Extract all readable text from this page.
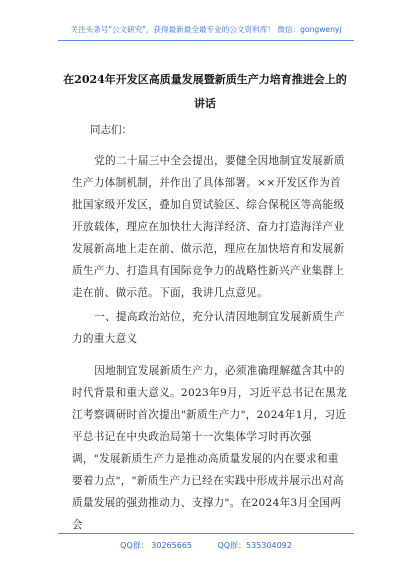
关注头条号"公文研究"，获得最新最全最专业的公文资料库！ 微信：gongwenyj
在2024年开发区高质量发展暨新质生产力培育推进会上的讲话
同志们：
党的二十届三中全会提出，要健全因地制宜发展新质生产力体制机制，并作出了具体部署。××开发区作为首批国家级开发区，叠加自贸试验区、综合保税区等高能级开放载体，理应在加快壮大海洋经济、奋力打造海洋产业发展新高地上走在前、做示范，理应在加快培育和发展新质生产力、打造具有国际竞争力的战略性新兴产业集群上走在前、做示范。下面，我讲几点意见。
一、提高政治站位，充分认清因地制宜发展新质生产力的重大意义
因地制宜发展新质生产力，必须准确理解蕴含其中的时代背景和重大意义。2023年9月，习近平总书记在黑龙江考察调研时首次提出"新质生产力"，2024年1月，习近平总书记在中央政治局第十一次集体学习时再次强调，"发展新质生产力是推动高质量发展的内在要求和重要着力点"，"新质生产力已经在实践中形成并展示出对高质量发展的强劲推动力、支撑力"。在2024年3月全国两会
QQ群： 30265665          QQ群：535304092
